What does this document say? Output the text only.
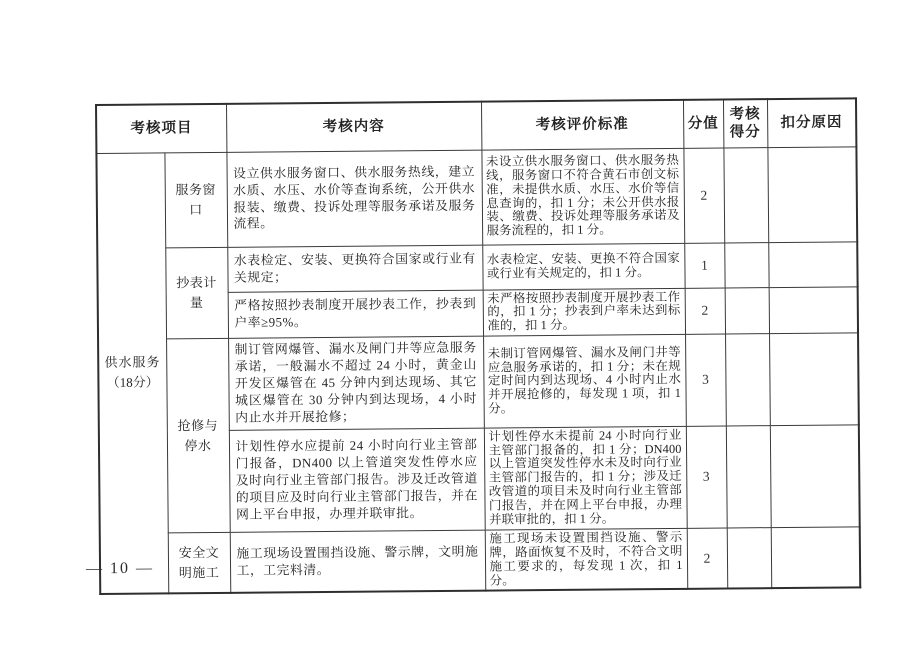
考核项目		考核内容	考核评价标准	分值	考核得分	扣分原因

供水服务
（18分）	服务窗口	设立供水服务窗口、供水服务热线，建立水质、水压、水价等查询系统，公开供水报装、缴费、投诉处理等服务承诺及服务流程。	未设立供水服务窗口、供水服务热线，服务窗口不符合黄石市创文标准，未提供水质、水压、水价等信息查询的，扣 1 分；未公开供水报装、缴费、投诉处理等服务承诺及服务流程的，扣 1 分。	2		
	抄表计量	水表检定、安装、更换符合国家或行业有关规定；	水表检定、安装、更换不符合国家或行业有关规定的，扣 1 分。	1		
		严格按照抄表制度开展抄表工作，抄表到户率≥95%。	未严格按照抄表制度开展抄表工作的，扣 1 分；抄表到户率未达到标准的，扣 1 分。	2		
	抢修与停水	制订管网爆管、漏水及闸门井等应急服务承诺，一般漏水不超过 24 小时，黄金山开发区爆管在 45 分钟内到达现场、其它城区爆管在 30 分钟内到达现场，4 小时内止水并开展抢修；	未制订管网爆管、漏水及闸门井等应急服务承诺的，扣 1 分；未在规定时间内到达现场、4 小时内止水并开展抢修的，每发现 1 项，扣 1 分。	3		
		计划性停水应提前 24 小时向行业主管部门报备，DN400 以上管道突发性停水应及时向行业主管部门报告。涉及迁改管道的项目应及时向行业主管部门报告，并在网上平台申报，办理并联审批。	计划性停水未提前 24 小时向行业主管部门报备的，扣 1 分；DN400 以上管道突发性停水未及时向行业主管部门报告的，扣 1 分；涉及迁改管道的项目未及时向行业主管部门报告，并在网上平台申报，办理并联审批的，扣 1 分。	3		
	安全文明施工	施工现场设置围挡设施、警示牌，文明施工，工完料清。	施工现场未设置围挡设施、警示牌，路面恢复不及时，不符合文明施工要求的，每发现 1 次，扣 1 分。	2		
— 10 —
